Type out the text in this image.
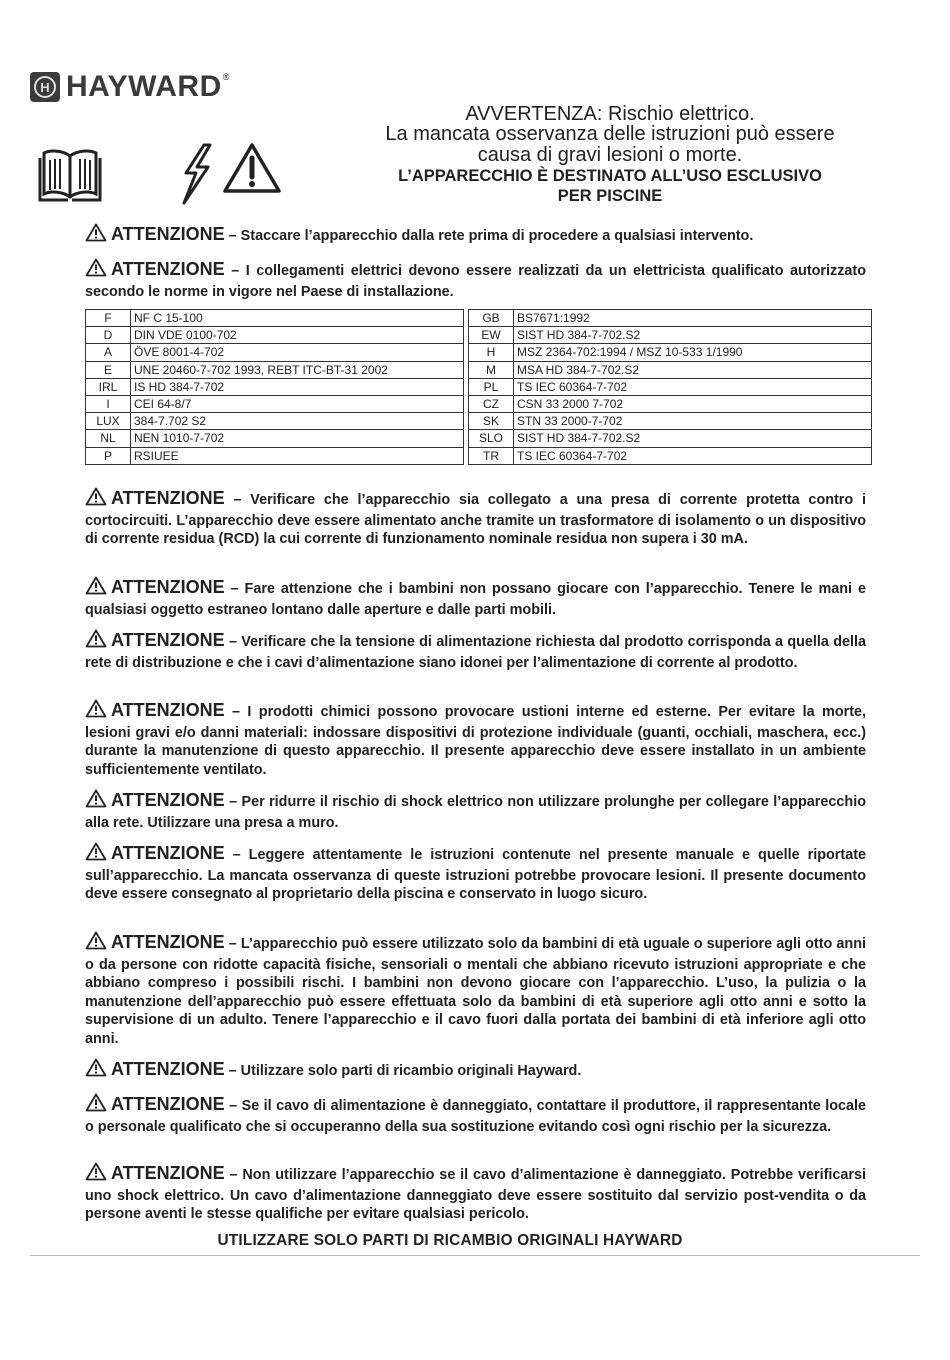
H HAYWARD ®
AVVERTENZA: Rischio elettrico.
La mancata osservanza delle istruzioni può essere
causa di gravi lesioni o morte.
L’APPARECCHIO È DESTINATO ALL’USO ESCLUSIVO
PER PISCINE
ATTENZIONE – Staccare l’apparecchio dalla rete prima di procedere a qualsiasi intervento.
ATTENZIONE – I collegamenti elettrici devono essere realizzati da un elettricista qualificato autorizzato secondo le norme in vigore nel Paese di installazione.
ATTENZIONE – Verificare che l’apparecchio sia collegato a una presa di corrente protetta contro i cortocircuiti. L’apparecchio deve essere alimentato anche tramite un trasformatore di isolamento o un dispositivo di corrente residua (RCD) la cui corrente di funzionamento nominale residua non supera i 30 mA.
ATTENZIONE – Fare attenzione che i bambini non possano giocare con l’apparecchio. Tenere le mani e qualsiasi oggetto estraneo lontano dalle aperture e dalle parti mobili.
ATTENZIONE – Verificare che la tensione di alimentazione richiesta dal prodotto corrisponda a quella della rete di distribuzione e che i cavi d’alimentazione siano idonei per l’alimentazione di corrente al prodotto.
ATTENZIONE – I prodotti chimici possono provocare ustioni interne ed esterne. Per evitare la morte, lesioni gravi e/o danni materiali: indossare dispositivi di protezione individuale (guanti, occhiali, maschera, ecc.) durante la manutenzione di questo apparecchio. Il presente apparecchio deve essere installato in un ambiente sufficientemente ventilato.
ATTENZIONE – Per ridurre il rischio di shock elettrico non utilizzare prolunghe per collegare l’apparecchio alla rete. Utilizzare una presa a muro.
ATTENZIONE – Leggere attentamente le istruzioni contenute nel presente manuale e quelle riportate sull’apparecchio. La mancata osservanza di queste istruzioni potrebbe provocare lesioni. Il presente documento deve essere consegnato al proprietario della piscina e conservato in luogo sicuro.
ATTENZIONE – L’apparecchio può essere utilizzato solo da bambini di età uguale o superiore agli otto anni o da persone con ridotte capacità fisiche, sensoriali o mentali che abbiano ricevuto istruzioni appropriate e che abbiano compreso i possibili rischi. I bambini non devono giocare con l’apparecchio. L’uso, la pulizia o la manutenzione dell’apparecchio può essere effettuata solo da bambini di età superiore agli otto anni e sotto la supervisione di un adulto. Tenere l’apparecchio e il cavo fuori dalla portata dei bambini di età inferiore agli otto anni.
ATTENZIONE – Utilizzare solo parti di ricambio originali Hayward.
ATTENZIONE – Se il cavo di alimentazione è danneggiato, contattare il produttore, il rappresentante locale o personale qualificato che si occuperanno della sua sostituzione evitando così ogni rischio per la sicurezza.
ATTENZIONE – Non utilizzare l’apparecchio se il cavo d’alimentazione è danneggiato. Potrebbe verificarsi uno shock elettrico. Un cavo d’alimentazione danneggiato deve essere sostituito dal servizio post-vendita o da persone aventi le stesse qualifiche per evitare qualsiasi pericolo.
F	NF C 15-100		GB	BS7671:1992
D	DIN VDE 0100-702		EW	SIST HD 384-7-702.S2
A	ÖVE 8001-4-702		H	MSZ 2364-702:1994 / MSZ 10-533 1/1990
E	UNE 20460-7-702 1993, REBT ITC-BT-31 2002		M	MSA HD 384-7-702.S2
IRL	IS HD 384-7-702		PL	TS IEC 60364-7-702
I	CEI 64-8/7		CZ	CSN 33 2000 7-702
LUX	384-7.702 S2		SK	STN 33 2000-7-702
NL	NEN 1010-7-702		SLO	SIST HD 384-7-702.S2
P	RSIUEE		TR	TS IEC 60364-7-702
UTILIZZARE SOLO PARTI DI RICAMBIO ORIGINALI HAYWARD
